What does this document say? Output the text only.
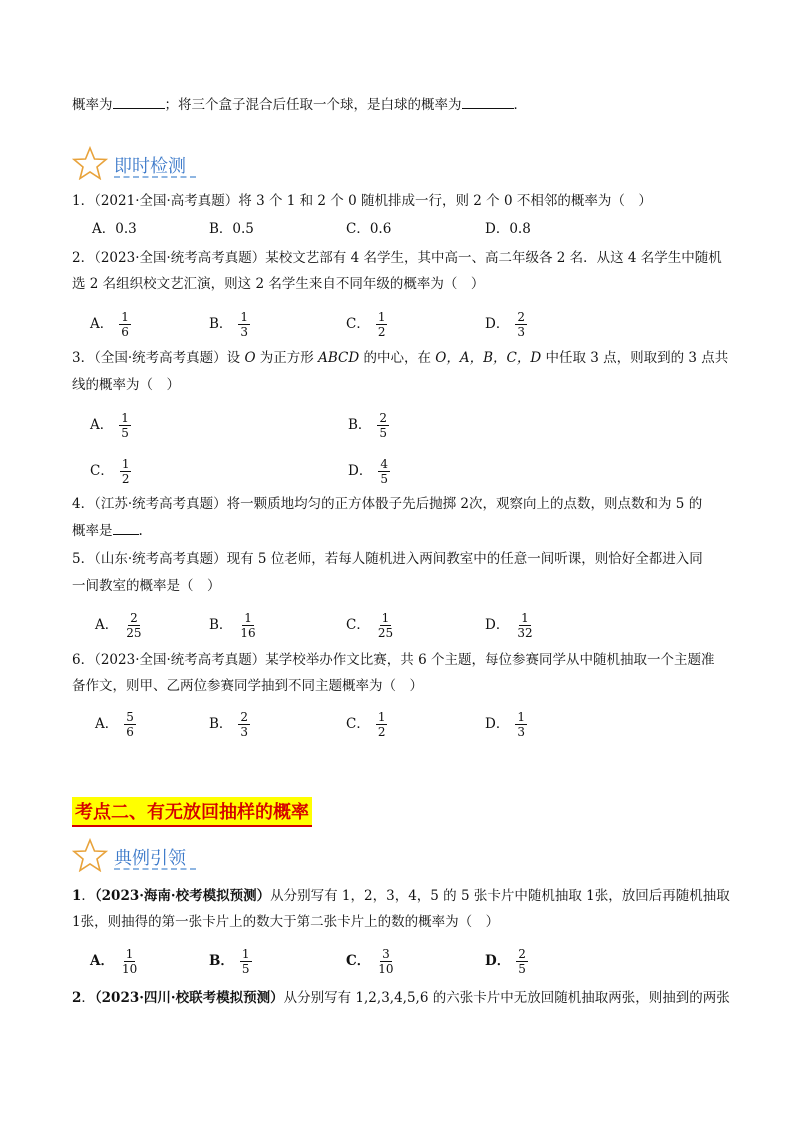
概率为	；将三个盒子混合后任取一个球，是白球的概率为	．
即时检测
1．（2021·全国·高考真题）将 3 个 1 和 2 个 0 随机排成一行，则 2 个 0 不相邻的概率为（　）
A．0.3	B．0.5	C．0.6	D．0.8
2．（2023·全国·统考高考真题）某校文艺部有 4 名学生，其中高一、高二年级各 2 名．从这 4 名学生中随机
选 2 名组织校文艺汇演，则这 2 名学生来自不同年级的概率为（　）
A． $\frac{1}{6}$	B． $\frac{1}{3}$	C． $\frac{1}{2}$	D． $\frac{2}{3}$
3．（全国·统考高考真题）设 O 为正方形 ABCD 的中心，在 O，A，B，C，D 中任取 3 点，则取到的 3 点共
线的概率为（　）
A． $\frac{1}{5}$	B． $\frac{2}{5}$
C． $\frac{1}{2}$	D． $\frac{4}{5}$
4．（江苏·统考高考真题）将一颗质地均匀的正方体骰子先后抛掷 2次，观察向上的点数，则点数和为 5 的
概率是 .
5．（山东·统考高考真题）现有 5 位老师，若每人随机进入两间教室中的任意一间听课，则恰好全都进入同
一间教室的概率是（　）
A． $\frac{2}{25}$	B． $\frac{1}{16}$	C． $\frac{1}{25}$	D． $\frac{1}{32}$
6．（2023·全国·统考高考真题）某学校举办作文比赛，共 6 个主题，每位参赛同学从中随机抽取一个主题准
备作文，则甲、乙两位参赛同学抽到不同主题概率为（　）
A． $\frac{5}{6}$	B． $\frac{2}{3}$	C． $\frac{1}{2}$	D． $\frac{1}{3}$
考点二、有无放回抽样的概率
典例引领
1．（2023·海南·校考模拟预测）从分别写有 1，2，3，4，5 的 5 张卡片中随机抽取 1张，放回后再随机抽取
1张，则抽得的第一张卡片上的数大于第二张卡片上的数的概率为（　）
A． $\frac{1}{10}$	B． $\frac{1}{5}$	C． $\frac{3}{10}$	D． $\frac{2}{5}$
2．（2023·四川·校联考模拟预测）从分别写有 1,2,3,4,5,6 的六张卡片中无放回随机抽取两张，则抽到的两张
